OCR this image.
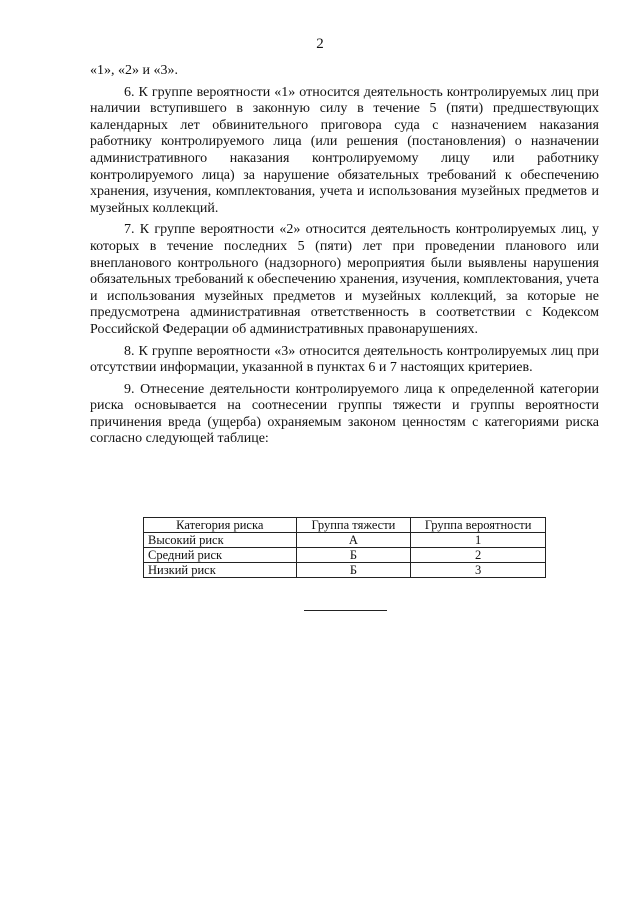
2

«1», «2» и «3».

6. К группе вероятности «1» относится деятельность контролируемых лиц при наличии вступившего в законную силу в течение 5 (пяти) предшествующих календарных лет обвинительного приговора суда с назначением наказания работнику контролируемого лица (или решения (постановления) о назначении административного наказания контролируемому лицу или работнику контролируемого лица) за нарушение обязательных требований к обеспечению хранения, изучения, комплектования, учета и использования музейных предметов и музейных коллекций.

7. К группе вероятности «2» относится деятельность контролируемых лиц, у которых в течение последних 5 (пяти) лет при проведении планового или внепланового контрольного (надзорного) мероприятия были выявлены нарушения обязательных требований к обеспечению хранения, изучения, комплектования, учета и использования музейных предметов и музейных коллекций, за которые не предусмотрена административная ответственность в соответствии с Кодексом Российской Федерации об административных правонарушениях.

8. К группе вероятности «3» относится деятельность контролируемых лиц при отсутствии информации, указанной в пунктах 6 и 7 настоящих критериев.

9. Отнесение деятельности контролируемого лица к определенной категории риска основывается на соотнесении группы тяжести и группы вероятности причинения вреда (ущерба) охраняемым законом ценностям с категориями риска согласно следующей таблице:

Категория риска	Группа тяжести	Группа вероятности
Высокий риск	А	1
Средний риск	Б	2
Низкий риск	Б	3
